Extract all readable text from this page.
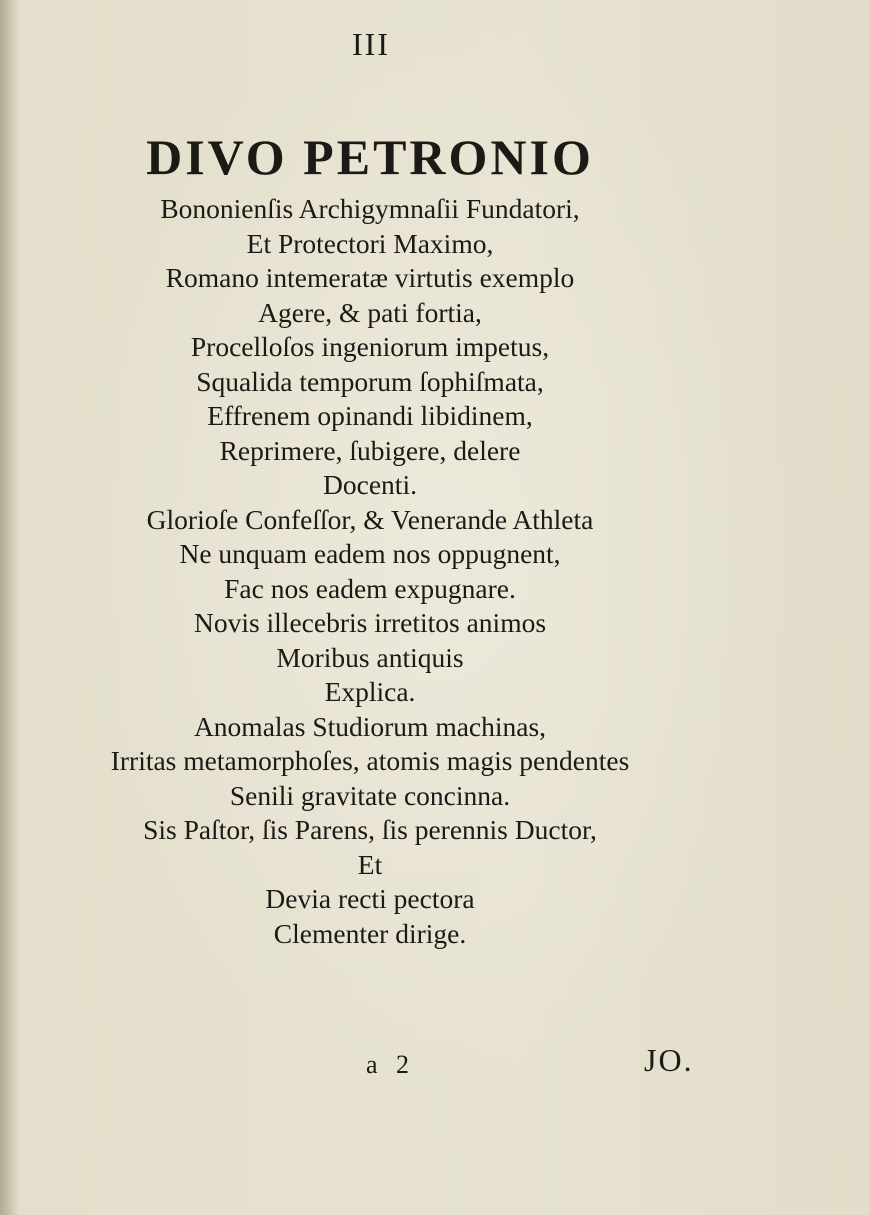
III
DIVO PETRONIO
Bononienſis Archigymnaſii Fundatori,
Et Protectori Maximo,
Romano intemeratæ virtutis exemplo
Agere, & pati fortia,
Procelloſos ingeniorum impetus,
Squalida temporum ſophiſmata,
Effrenem opinandi libidinem,
Reprimere, ſubigere, delere
Docenti.
Glorioſe Confeſſor, & Venerande Athleta
Ne unquam eadem nos oppugnent,
Fac nos eadem expugnare.
Novis illecebris irretitos animos
Moribus antiquis
Explica.
Anomalas Studiorum machinas,
Irritas metamorphoſes, atomis magis pendentes
Senili gravitate concinna.
Sis Paſtor, ſis Parens, ſis perennis Ductor,
Et
Devia recti pectora
Clementer dirige.
a 2	JO.
